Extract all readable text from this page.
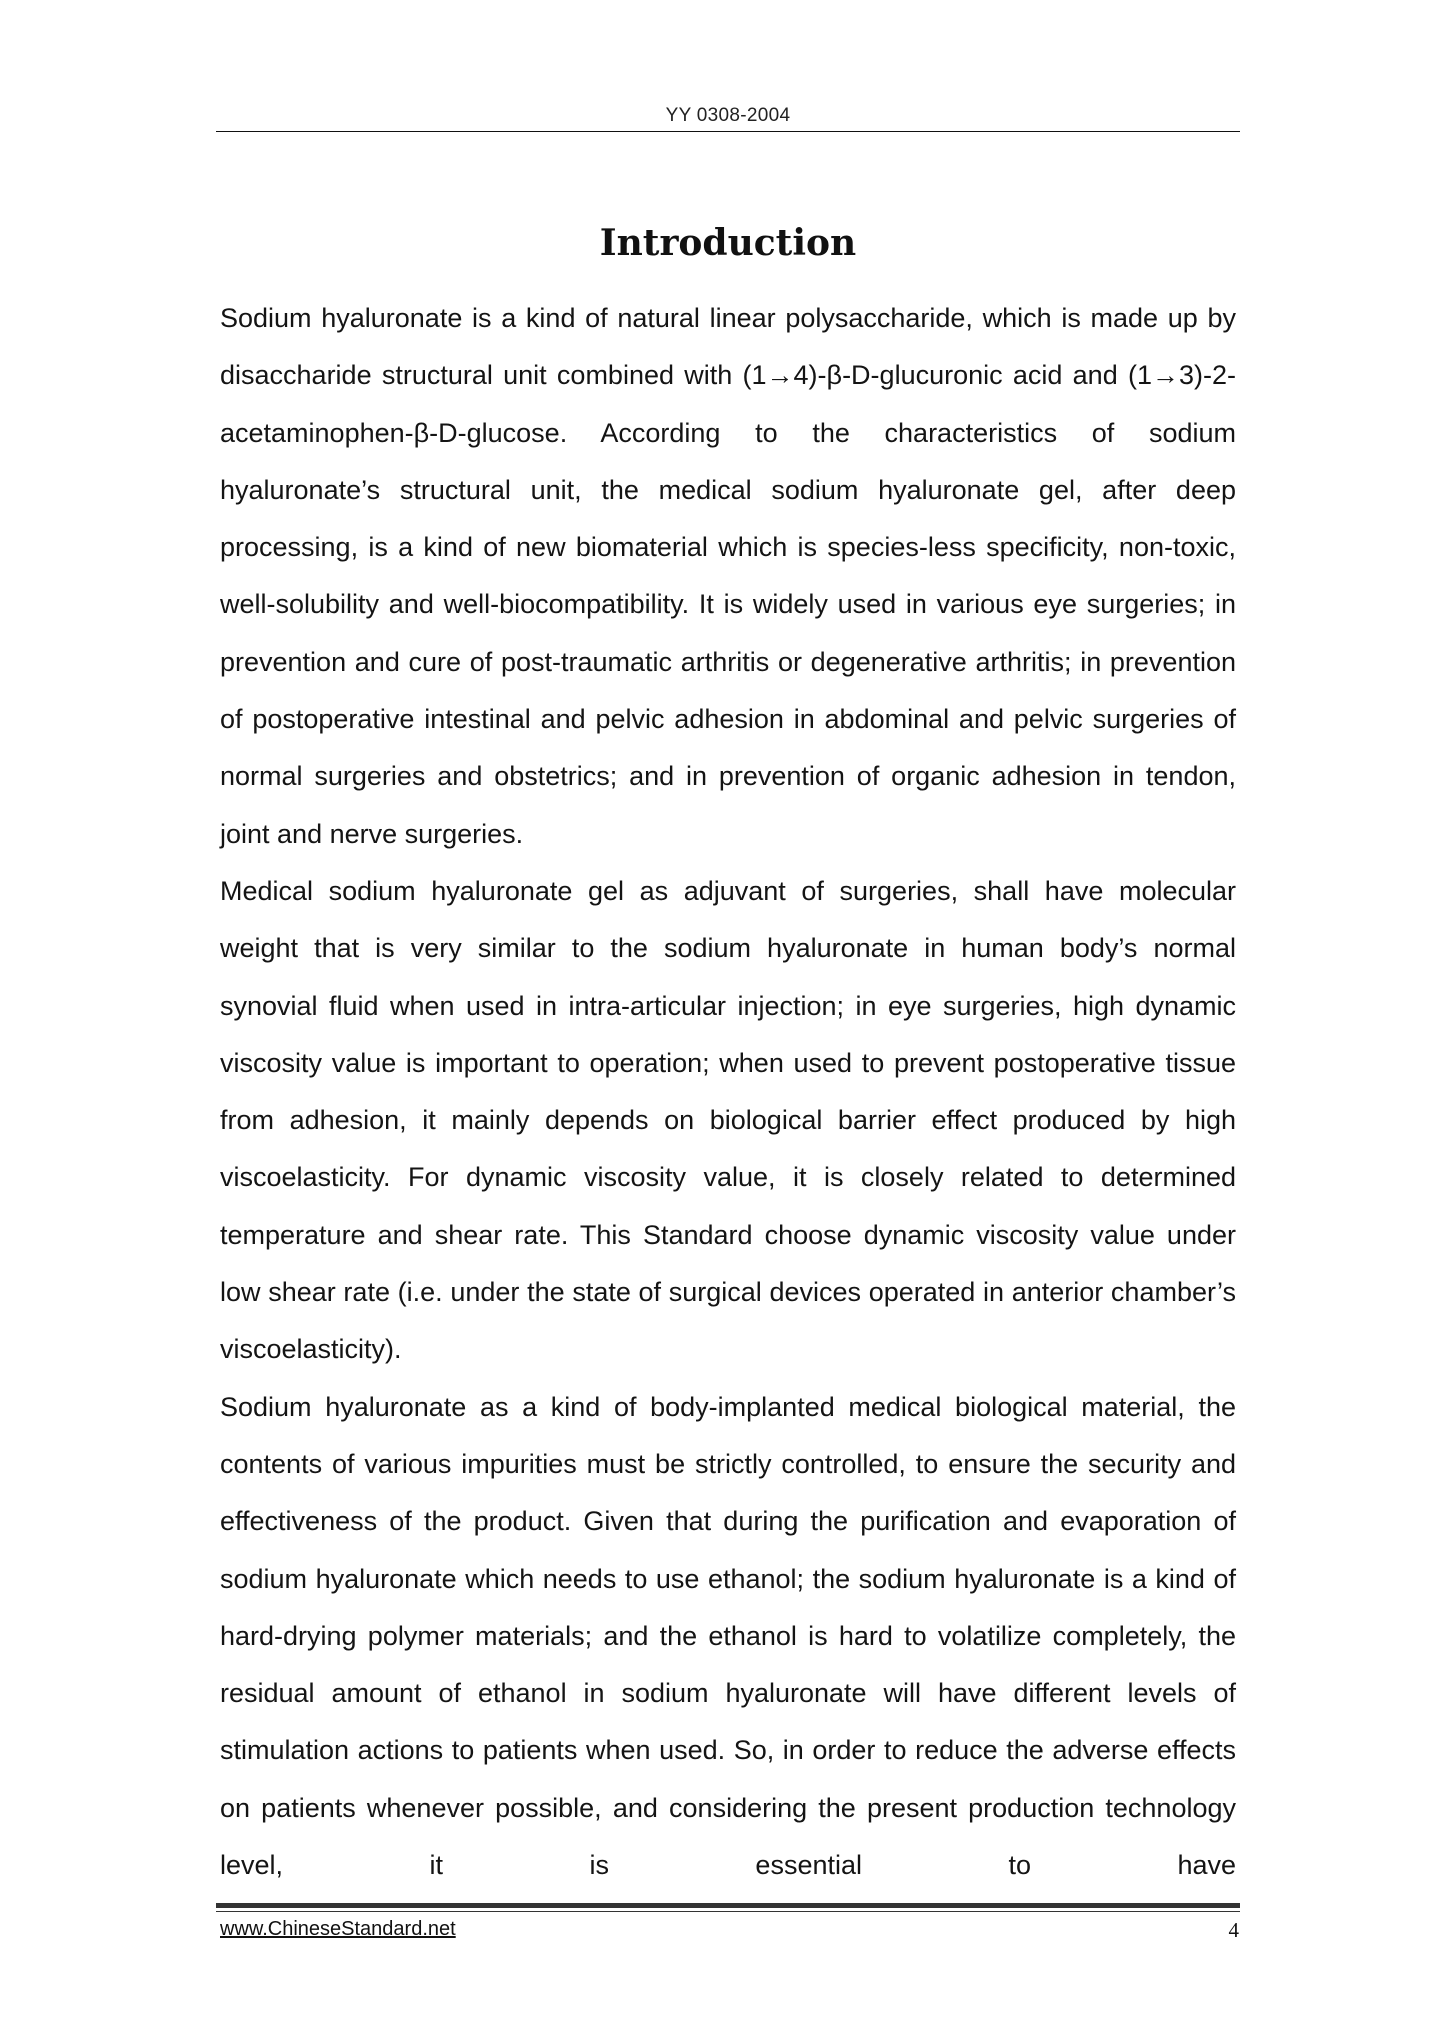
YY 0308-2004
Introduction

Sodium hyaluronate is a kind of natural linear polysaccharide, which is made up by disaccharide structural unit combined with (1→4)-β-D-glucuronic acid and (1→3)-2-acetaminophen-β-D-glucose. According to the characteristics of sodium hyaluronate’s structural unit, the medical sodium hyaluronate gel, after deep processing, is a kind of new biomaterial which is species-less specificity, non-toxic, well-solubility and well-biocompatibility. It is widely used in various eye surgeries; in prevention and cure of post-traumatic arthritis or degenerative arthritis; in prevention of postoperative intestinal and pelvic adhesion in abdominal and pelvic surgeries of normal surgeries and obstetrics; and in prevention of organic adhesion in tendon, joint and nerve surgeries.

Medical sodium hyaluronate gel as adjuvant of surgeries, shall have molecular weight that is very similar to the sodium hyaluronate in human body’s normal synovial fluid when used in intra-articular injection; in eye surgeries, high dynamic viscosity value is important to operation; when used to prevent postoperative tissue from adhesion, it mainly depends on biological barrier effect produced by high viscoelasticity. For dynamic viscosity value, it is closely related to determined temperature and shear rate. This Standard choose dynamic viscosity value under low shear rate (i.e. under the state of surgical devices operated in anterior chamber’s viscoelasticity).

Sodium hyaluronate as a kind of body-implanted medical biological material, the contents of various impurities must be strictly controlled, to ensure the security and effectiveness of the product. Given that during the purification and evaporation of sodium hyaluronate which needs to use ethanol; the sodium hyaluronate is a kind of hard-drying polymer materials; and the ethanol is hard to volatilize completely, the residual amount of ethanol in sodium hyaluronate will have different levels of stimulation actions to patients when used. So, in order to reduce the adverse effects on patients whenever possible, and considering the present production technology level, it is essential to have

www.ChineseStandard.net	4
